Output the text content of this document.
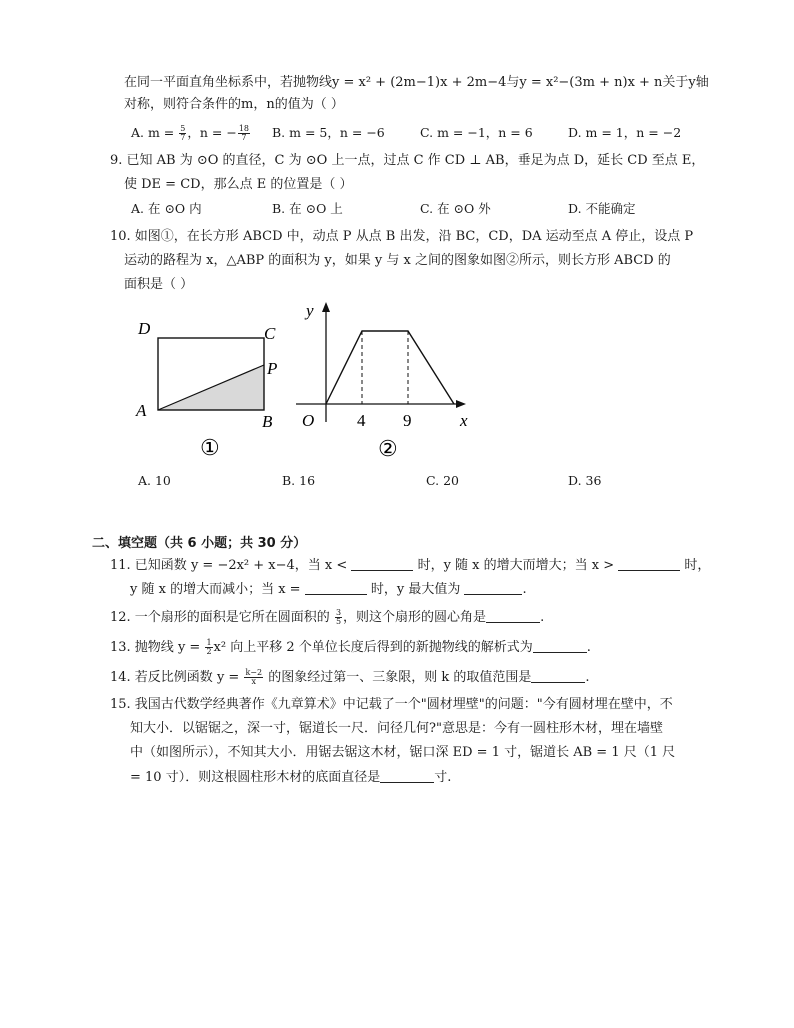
在同一平面直角坐标系中，若抛物线y = x² + (2m−1)x + 2m−4与y = x²−(3m + n)x + n关于y轴
对称，则符合条件的m，n的值为（ ）
A. $m = \frac{5}{7}$ ，n = − $\frac{18}{7} B$. m = 5，n = −6	C. m = −1，n = 6	D. m = 1，n = −2
9. 已知 AB 为 ⊙O 的直径，C 为 ⊙O 上一点，过点 C 作 CD ⊥ AB，垂足为点 D，延长 CD 至点 E，
使 DE = CD，那么点 E 的位置是（ ）
A. 在 ⊙O 内	B. 在 ⊙O 上	C. 在 ⊙O 外	D. 不能确定
10. 如图①，在长方形 ABCD 中，动点 P 从点 B 出发，沿 BC，CD，DA 运动至点 A 停止，设点 P
运动的路程为 x，△ABP 的面积为 y，如果 y 与 x 之间的图象如图②所示，则长方形 ABCD 的
面积是（ ）
D	C
P
A
B
①
y
O	4 9	x
②
A. 10	B. 16	C. 20	D. 36
二、填空题（共 6 小题；共 30 分）
11. 已知函数 y = −2x² + x−4，当 x <	时，y 随 x 的增大而增大；当 x >	时，
y 随 x 的增大而减小；当 x =	时，y 最大值为	.
12. 一个扇形的面积是它所在圆面积的 $\frac{3}{5}$ ，则这个扇形的圆心角是	.
13. 抛物线 $y = \frac{1}{2} x^2$ 向上平移 2 个单位长度后得到的新抛物线的解析式为	.
14. 若反比例函数 $y = \frac{k-2}{x}$ 的图象经过第一、三象限，则 k 的取值范围是	.
15. 我国古代数学经典著作《九章算术》中记载了一个"圆材埋壁"的问题："今有圆材埋在壁中，不
知大小．以锯锯之，深一寸，锯道长一尺．问径几何?"意思是：今有一圆柱形木材，埋在墙壁
中（如图所示），不知其大小．用锯去锯这木材，锯口深 ED = 1 寸，锯道长 AB = 1 尺（1 尺
= 10 寸）．则这根圆柱形木材的底面直径是	寸.
